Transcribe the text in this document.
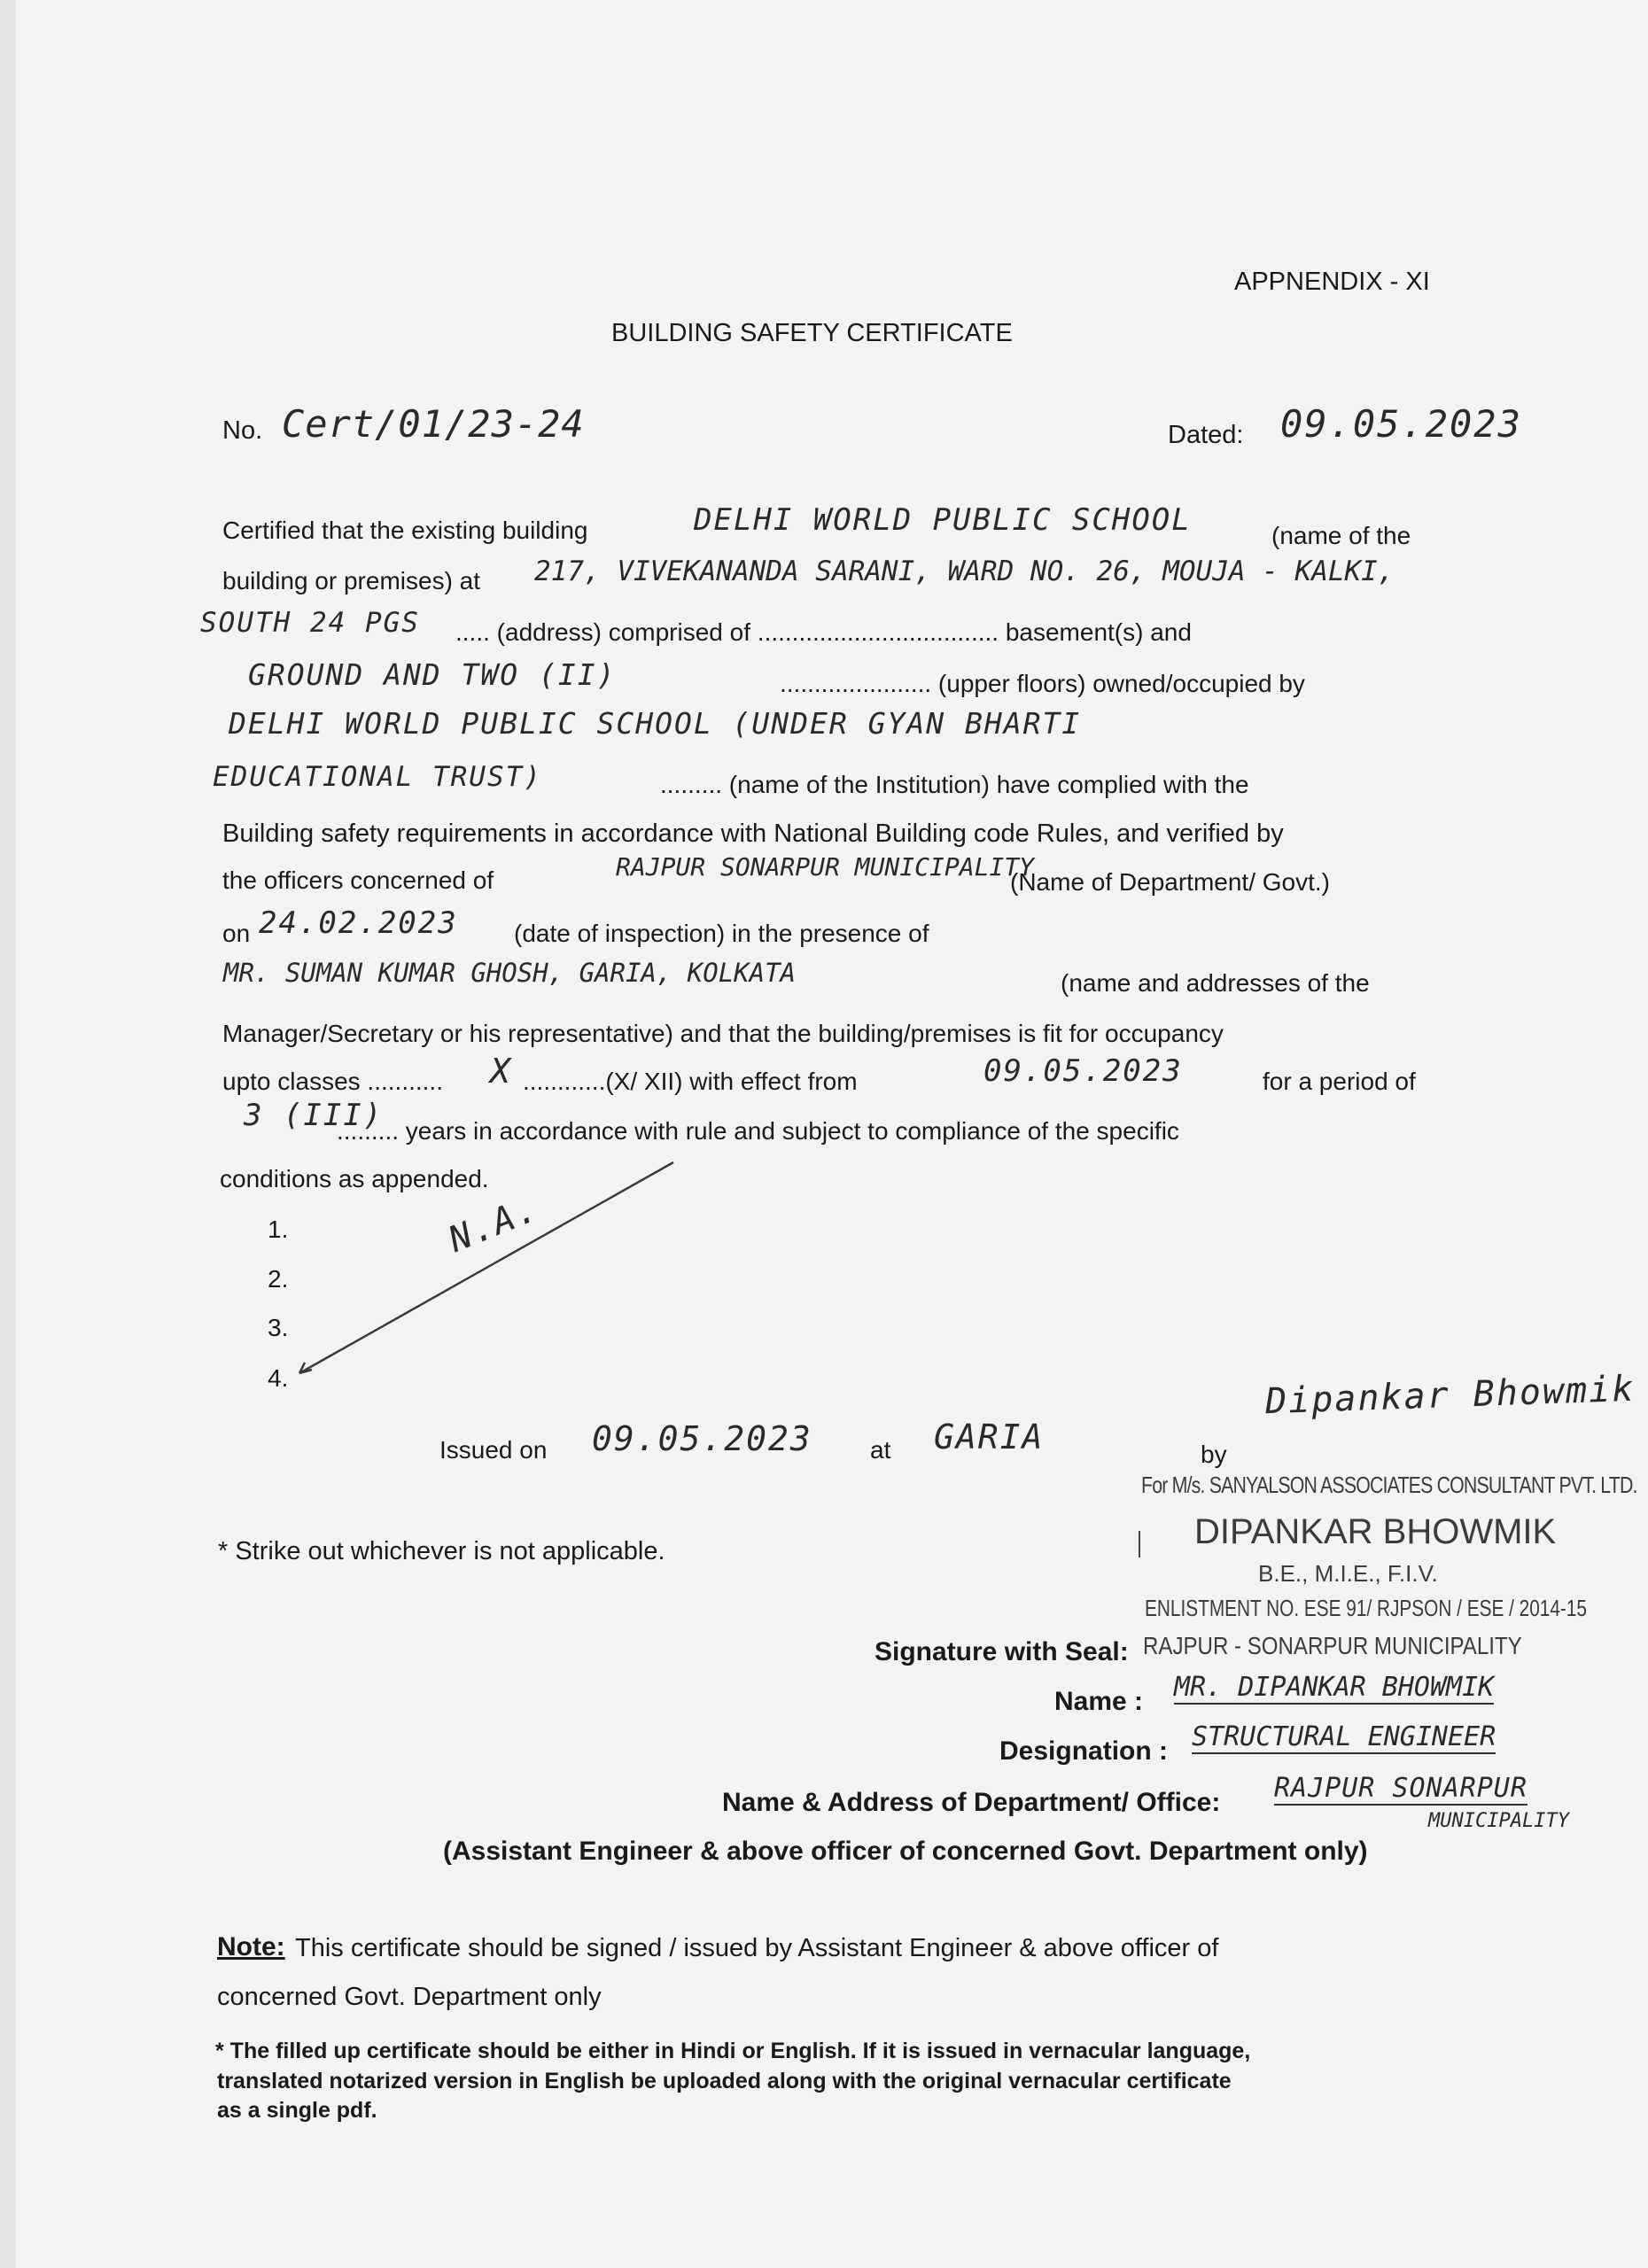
APPNENDIX - XI
BUILDING SAFETY CERTIFICATE
No. Cert/01/23-24	Dated: 09.05.2023
Certified that the existing building	DELHI WORLD PUBLIC SCHOOL	(name of the
building or premises) at 217, VIVEKANANDA SARANI, WARD NO. 26, MOUJA - KALKI,
SOUTH 24 PGS ..... (address) comprised of ................................... basement(s) and
GROUND AND TWO (II)	...................... (upper floors) owned/occupied by
DELHI WORLD PUBLIC SCHOOL (UNDER GYAN BHARTI
EDUCATIONAL TRUST)	......... (name of the Institution) have complied with the
Building safety requirements in accordance with National Building code Rules, and verified by
the officers concerned of	RAJPUR SONARPUR MUNICIPALITY
(Name of Department/ Govt.)
on 24.02.2023 (date of inspection) in the presence of
MR. SUMAN KUMAR GHOSH, GARIA, KOLKATA	(name and addresses of the
Manager/Secretary or his representative) and that the building/premises is fit for occupancy
upto classes ........... X ............(X/ XII) with effect from	09.05.2023	for a period of
3 (III)
......... years in accordance with rule and subject to compliance of the specific
conditions as appended.
1.
2.
3.
4.
N.A.
Issued on 09.05.2023 at GARIA	by
* Strike out whichever is not applicable.
Dipankar Bhowmik
For M/s. SANYALSON ASSOCIATES CONSULTANT PVT. LTD.
DIPANKAR BHOWMIK
B.E., M.I.E., F.I.V.
ENLISTMENT NO. ESE 91/ RJPSON / ESE / 2014-15
RAJPUR - SONARPUR MUNICIPALITY
Signature with Seal:
Name : MR. DIPANKAR BHOWMIK
Designation : STRUCTURAL ENGINEER
Name & Address of Department/ Office: RAJPUR SONARPUR
MUNICIPALITY
(Assistant Engineer & above officer of concerned Govt. Department only)
Note: This certificate should be signed / issued by Assistant Engineer & above officer of
concerned Govt. Department only
* The filled up certificate should be either in Hindi or English. If it is issued in vernacular language,
translated notarized version in English be uploaded along with the original vernacular certificate
as a single pdf.
